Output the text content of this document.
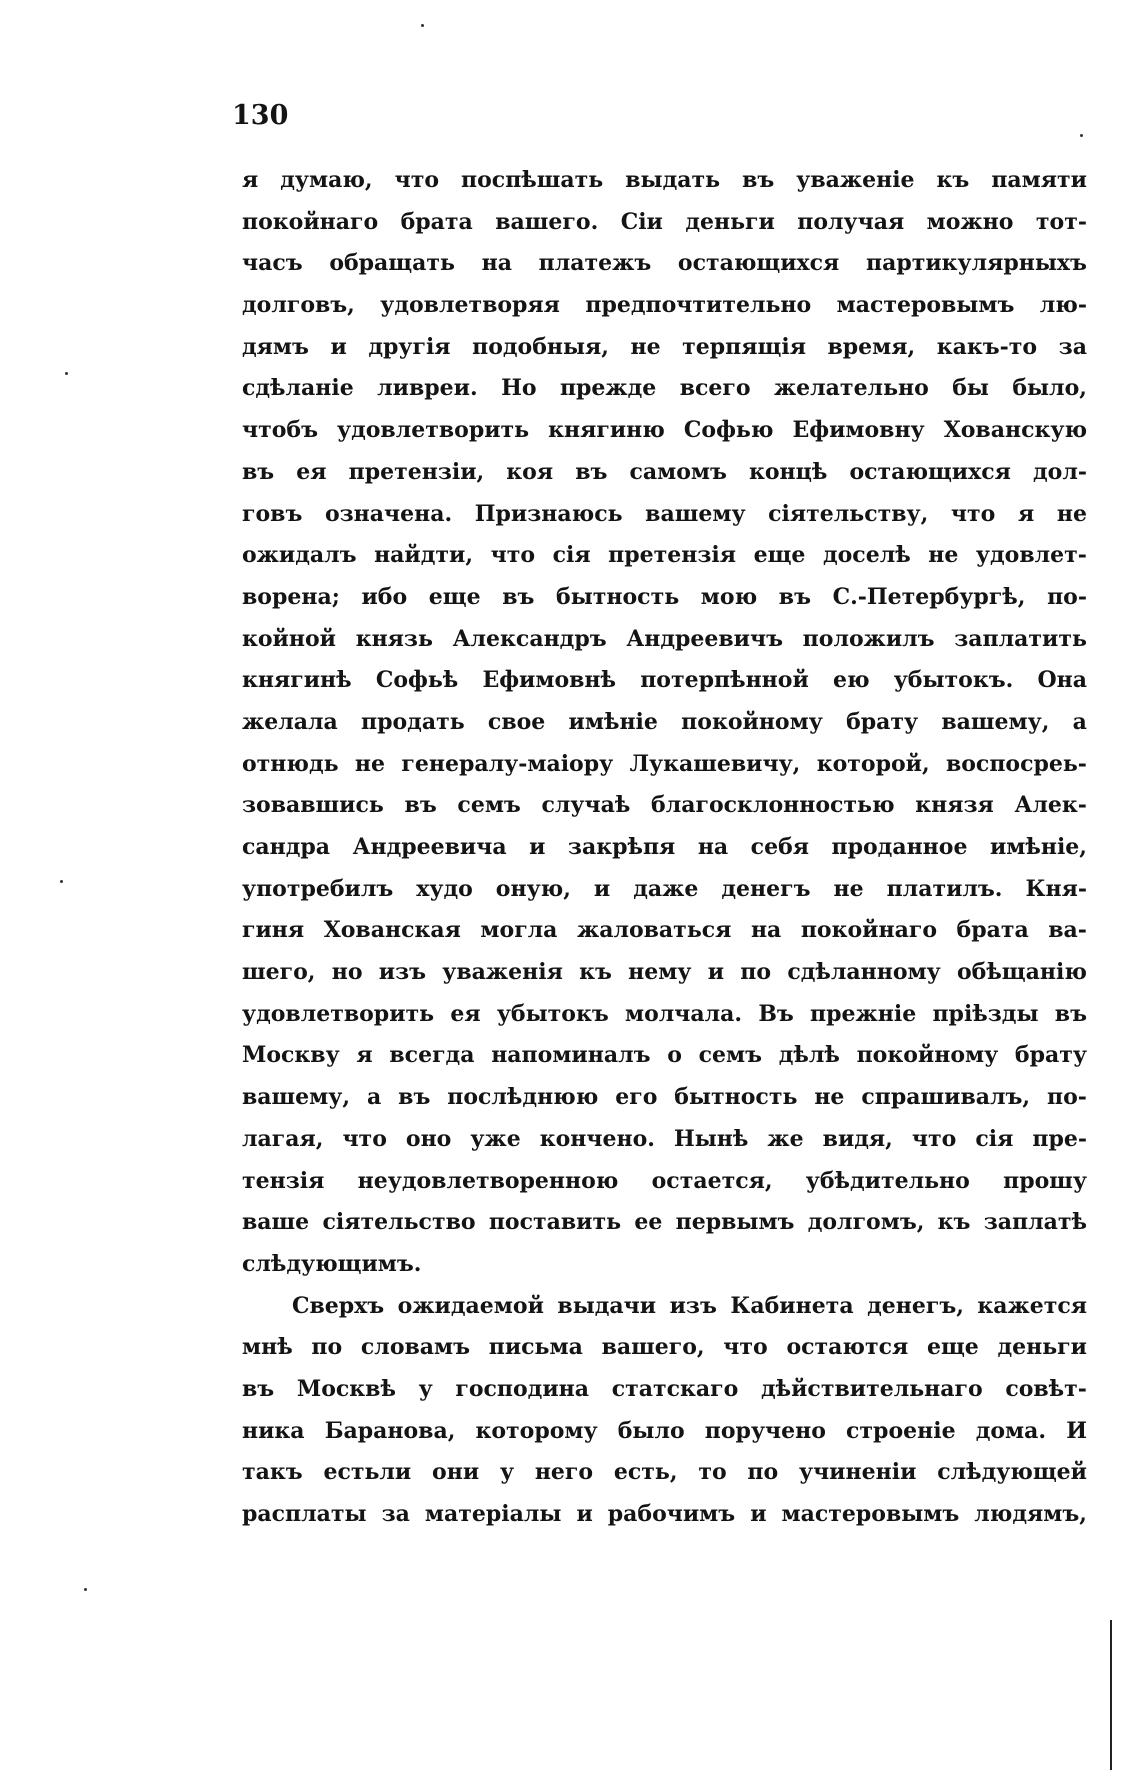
130
я думаю, что поспѣшать выдать въ уваженіе къ памяти
покойнаго брата вашего. Сіи деньги получая можно тот-
часъ обращать на платежъ остающихся партикулярныхъ
долговъ, удовлетворяя предпочтительно мастеровымъ лю-
дямъ и другія подобныя, не терпящія время, какъ-то за
сдѣланіе ливреи. Но прежде всего желательно бы было,
чтобъ удовлетворить княгиню Софью Ефимовну Хованскую
въ ея претензіи, коя въ самомъ концѣ остающихся дол-
говъ означена. Признаюсь вашему сіятельству, что я не
ожидалъ найдти, что сія претензія еще доселѣ не удовлет-
ворена; ибо еще въ бытность мою въ С.-Петербургѣ, по-
койной князь Александръ Андреевичъ положилъ заплатить
княгинѣ Софьѣ Ефимовнѣ потерпѣнной ею убытокъ. Она
желала продать свое имѣніе покойному брату вашему, а
отнюдь не генералу-маіору Лукашевичу, которой, воспосреь-
зовавшись въ семъ случаѣ благосклонностью князя Алек-
сандра Андреевича и закрѣпя на себя проданное имѣніе,
употребилъ худо оную, и даже денегъ не платилъ. Кня-
гиня Хованская могла жаловаться на покойнаго брата ва-
шего, но изъ уваженія къ нему и по сдѣланному обѣщанію
удовлетворить ея убытокъ молчала. Въ прежніе пріѣзды въ
Москву я всегда напоминалъ о семъ дѣлѣ покойному брату
вашему, а въ послѣднюю его бытность не спрашивалъ, по-
лагая, что оно уже кончено. Нынѣ же видя, что сія пре-
тензія неудовлетворенною остается, убѣдительно прошу
ваше сіятельство поставить ее первымъ долгомъ, къ заплатѣ
слѣдующимъ.
Сверхъ ожидаемой выдачи изъ Кабинета денегъ, кажется
мнѣ по словамъ письма вашего, что остаются еще деньги
въ Москвѣ у господина статскаго дѣйствительнаго совѣт-
ника Баранова, которому было поручено строеніе дома. И
такъ естьли они у него есть, то по учиненіи слѣдующей
расплаты за матеріалы и рабочимъ и мастеровымъ людямъ,
